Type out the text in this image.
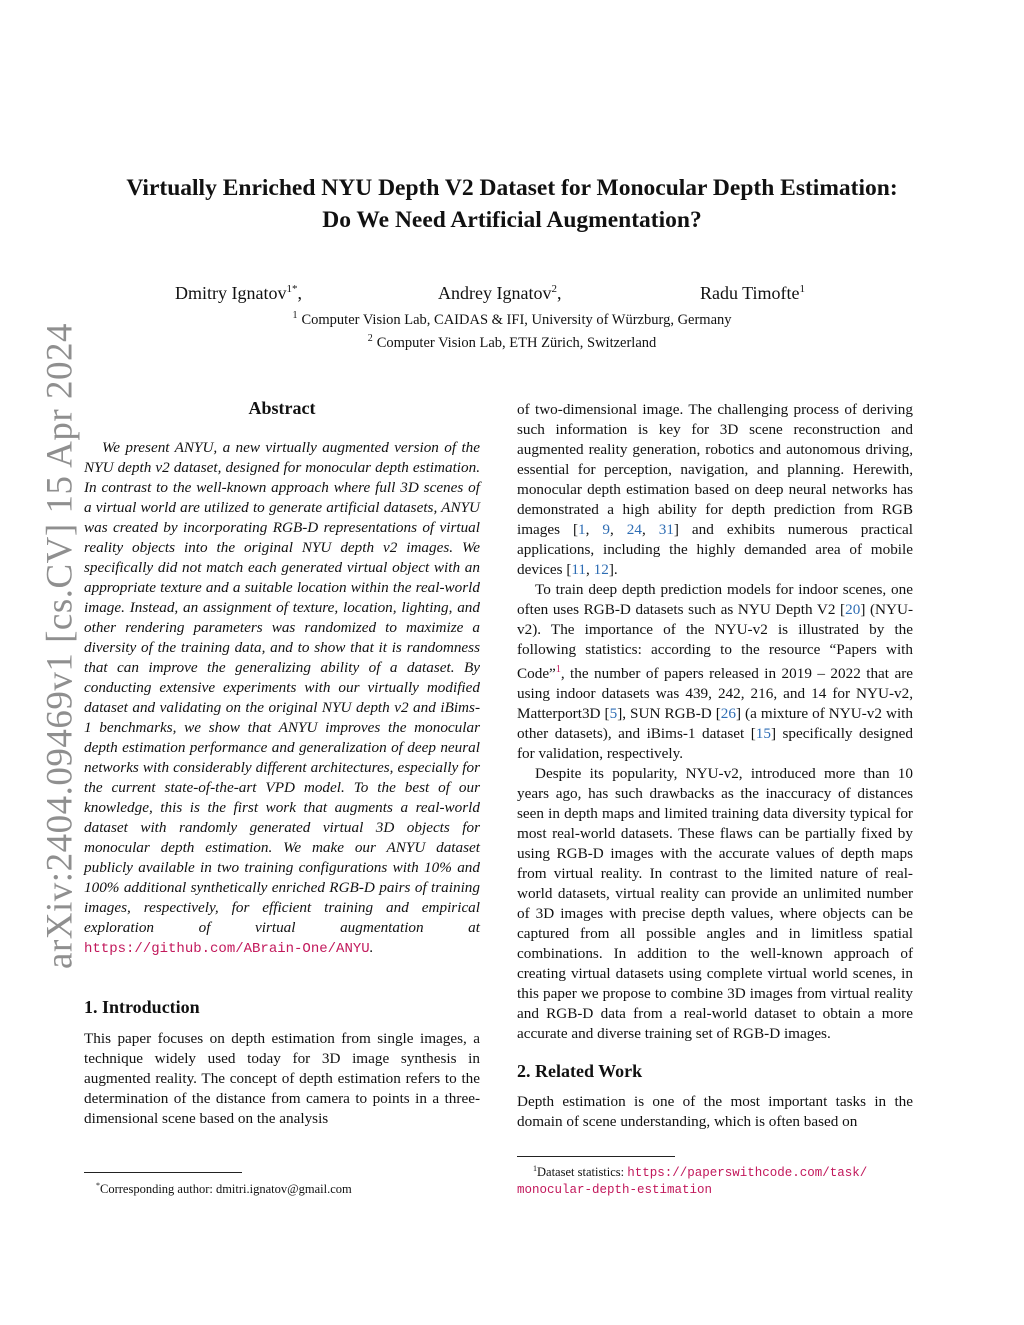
arXiv:2404.09469v1 [cs.CV] 15 Apr 2024
Virtually Enriched NYU Depth V2 Dataset for Monocular Depth Estimation:
Do We Need Artificial Augmentation?
Dmitry Ignatov$^{1*}$,	Andrey Ignatov$^2$,	Radu Timofte$^1$
$^1$ Computer Vision Lab, CAIDAS & IFI, University of Würzburg, Germany
$^2$ Computer Vision Lab, ETH Zürich, Switzerland
Abstract

We present ANYU, a new virtually augmented version of the NYU depth v2 dataset, designed for monocular depth estimation. In contrast to the well-known approach where full 3D scenes of a virtual world are utilized to generate artificial datasets, ANYU was created by incorporating RGB-D representations of virtual reality objects into the original NYU depth v2 images. We specifically did not match each generated virtual object with an appropriate texture and a suitable location within the real-world image. Instead, an assignment of texture, location, lighting, and other rendering parameters was randomized to maximize a diversity of the training data, and to show that it is randomness that can improve the generalizing ability of a dataset. By conducting extensive experiments with our virtually modified dataset and validating on the original NYU depth v2 and iBims-1 benchmarks, we show that ANYU improves the monocular depth estimation performance and generalization of deep neural networks with considerably different architectures, especially for the current state-of-the-art VPD model. To the best of our knowledge, this is the first work that augments a real-world dataset with randomly generated virtual 3D objects for monocular depth estimation. We make our ANYU dataset publicly available in two training configurations with 10% and 100% additional synthetically enriched RGB-D pairs of training images, respectively, for efficient training and empirical exploration of virtual augmentation at https://github.com/ABrain-One/ANYU.

1. Introduction

This paper focuses on depth estimation from single images, a technique widely used today for 3D image synthesis in augmented reality. The concept of depth estimation refers to the determination of the distance from camera to points in a three-dimensional scene based on the analysis

of two-dimensional image. The challenging process of deriving such information is key for 3D scene reconstruction and augmented reality generation, robotics and autonomous driving, essential for perception, navigation, and planning. Herewith, monocular depth estimation based on deep neural networks has demonstrated a high ability for depth prediction from RGB images [1, 9, 24, 31] and exhibits numerous practical applications, including the highly demanded area of mobile devices [11, 12].

To train deep depth prediction models for indoor scenes, one often uses RGB-D datasets such as NYU Depth V2 [20] (NYU-v2). The importance of the NYU-v2 is illustrated by the following statistics: according to the resource “Papers with Code”$^1$, the number of papers released in 2019 – 2022 that are using indoor datasets was 439, 242, 216, and 14 for NYU-v2, Matterport3D [5], SUN RGB-D [26] (a mixture of NYU-v2 with other datasets), and iBims-1 dataset [15] specifically designed for validation, respectively.

Despite its popularity, NYU-v2, introduced more than 10 years ago, has such drawbacks as the inaccuracy of distances seen in depth maps and limited training data diversity typical for most real-world datasets. These flaws can be partially fixed by using RGB-D images with the accurate values of depth maps from virtual reality. In contrast to the limited nature of real-world datasets, virtual reality can provide an unlimited number of 3D images with precise depth values, where objects can be captured from all possible angles and in limitless spatial combinations. In addition to the well-known approach of creating virtual datasets using complete virtual world scenes, in this paper we propose to combine 3D images from virtual reality and RGB-D data from a real-world dataset to obtain a more accurate and diverse training set of RGB-D images.

2. Related Work

Depth estimation is one of the most important tasks in the domain of scene understanding, which is often based on

*Corresponding author: dmitri.ignatov@gmail.com
$^1$Dataset statistics: https://paperswithcode.com/task/
monocular-depth-estimation
